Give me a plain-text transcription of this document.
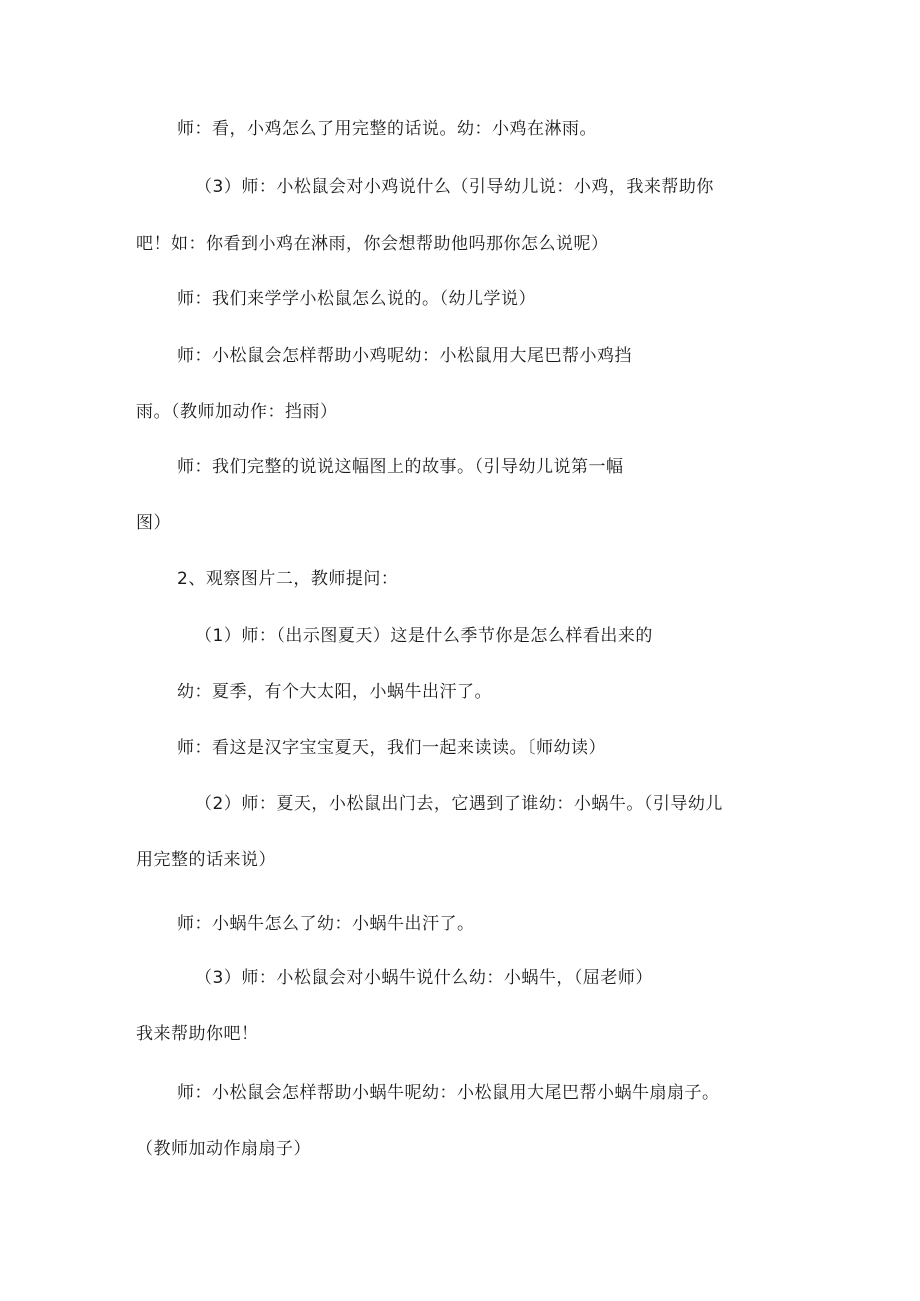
师：看，小鸡怎么了用完整的话说。幼：小鸡在淋雨。
（3）师：小松鼠会对小鸡说什么（引导幼儿说：小鸡，我来帮助你
吧！如：你看到小鸡在淋雨，你会想帮助他吗那你怎么说呢）
师：我们来学学小松鼠怎么说的。（幼儿学说）
师：小松鼠会怎样帮助小鸡呢幼：小松鼠用大尾巴帮小鸡挡
雨。（教师加动作：挡雨）
师：我们完整的说说这幅图上的故事。（引导幼儿说第一幅
图）
2、观察图片二，教师提问：
（1）师：（出示图夏天）这是什么季节你是怎么样看出来的
幼：夏季，有个大太阳，小蜗牛出汗了。
师：看这是汉字宝宝夏天，我们一起来读读。〔师幼读）
（2）师：夏天，小松鼠出门去，它遇到了谁幼：小蜗牛。（引导幼儿
用完整的话来说）
师：小蜗牛怎么了幼：小蜗牛出汗了。
（3）师：小松鼠会对小蜗牛说什么幼：小蜗牛，（屈老师）
我来帮助你吧！
师：小松鼠会怎样帮助小蜗牛呢幼：小松鼠用大尾巴帮小蜗牛扇扇子。
（教师加动作扇扇子）
